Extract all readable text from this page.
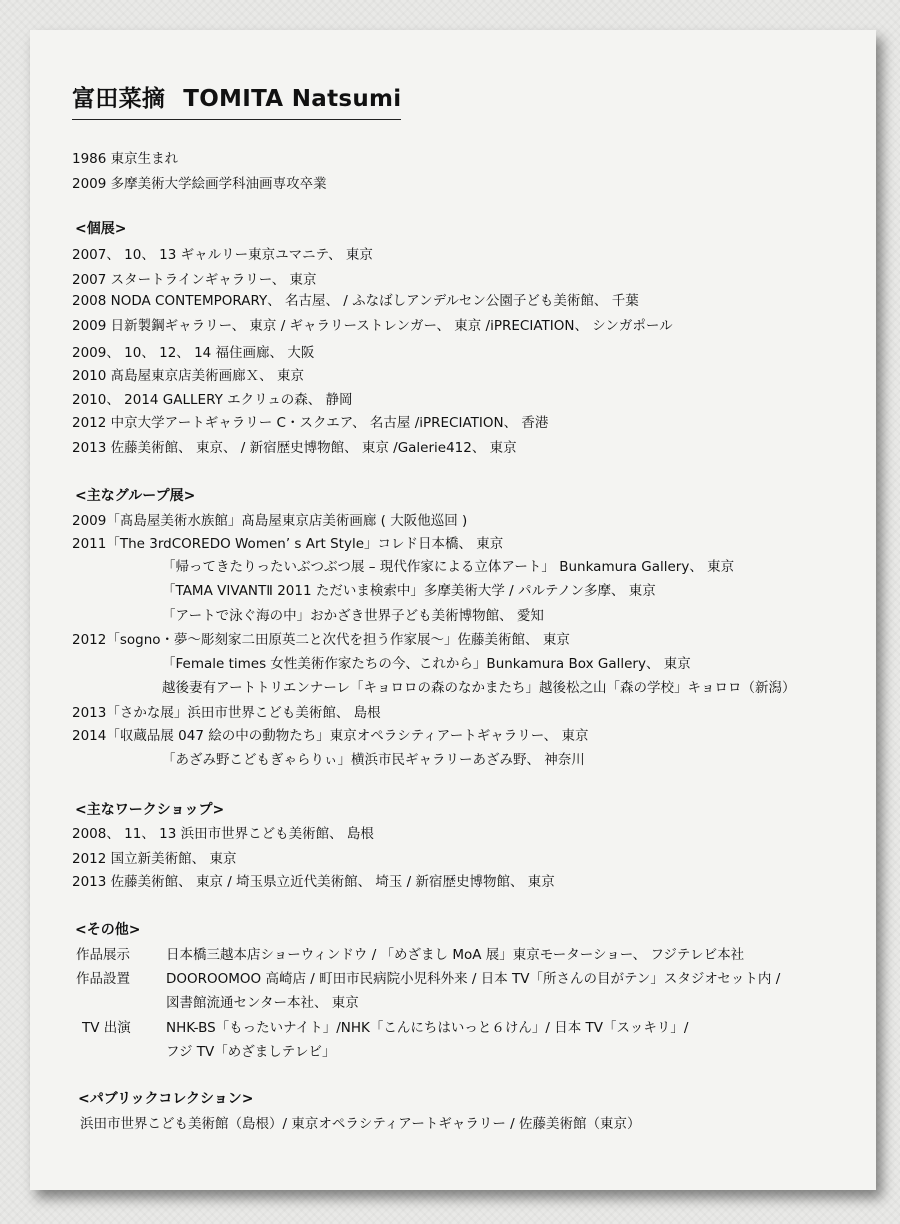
富田菜摘 TOMITA Natsumi
1986 東京生まれ
2009 多摩美術大学絵画学科油画専攻卒業
<個展>
2007、 10、 13 ギャルリー東京ユマニテ、 東京
2007 スタートラインギャラリー、 東京
2008 NODA CONTEMPORARY、 名古屋、 / ふなばしアンデルセン公園子ども美術館、 千葉
2009 日新製鋼ギャラリー、 東京 / ギャラリーストレンガー、 東京 /iPRECIATION、 シンガポール
2009、 10、 12、 14 福住画廊、 大阪
2010 髙島屋東京店美術画廊Ｘ、 東京
2010、 2014 GALLERY エクリュの森、 静岡
2012 中京大学アートギャラリー C・スクエア、 名古屋 /iPRECIATION、 香港
2013 佐藤美術館、 東京、 / 新宿歴史博物館、 東京 /Galerie412、 東京
<主なグループ展>
2009「髙島屋美術水族館」髙島屋東京店美術画廊 ( 大阪他巡回 )
2011「The 3rdCOREDO Women’ s Art Style」コレド日本橋、 東京
「帰ってきたりったいぶつぶつ展 – 現代作家による立体アート」 Bunkamura Gallery、 東京
「TAMA VIVANTⅡ 2011 ただいま検索中」多摩美術大学 / パルテノン多摩、 東京
「アートで泳ぐ海の中」おかざき世界子ども美術博物館、 愛知
2012「sogno・夢〜彫刻家二田原英二と次代を担う作家展〜」佐藤美術館、 東京
「Female times 女性美術作家たちの今、これから」Bunkamura Box Gallery、 東京
越後妻有アートトリエンナーレ「キョロロの森のなかまたち」越後松之山「森の学校」キョロロ（新潟）
2013「さかな展」浜田市世界こども美術館、 島根
2014「収蔵品展 047 絵の中の動物たち」東京オペラシティアートギャラリー、 東京
「あざみ野こどもぎゃらりぃ」横浜市民ギャラリーあざみ野、 神奈川
<主なワークショップ>
2008、 11、 13 浜田市世界こども美術館、 島根
2012 国立新美術館、 東京
2013 佐藤美術館、 東京 / 埼玉県立近代美術館、 埼玉 / 新宿歴史博物館、 東京
<その他>
作品展示	日本橋三越本店ショーウィンドウ / 「めざまし MoA 展」東京モーターショー、 フジテレビ本社
作品設置	DOOROOMOO 高崎店 / 町田市民病院小児科外来 / 日本 TV「所さんの目がテン」スタジオセット内 /
図書館流通センター本社、 東京
TV 出演	NHK-BS「もったいナイト」/NHK「こんにちはいっと６けん」/ 日本 TV「スッキリ」/
フジ TV「めざましテレビ」
<パブリックコレクション>
浜田市世界こども美術館（島根）/ 東京オペラシティアートギャラリー / 佐藤美術館（東京）
